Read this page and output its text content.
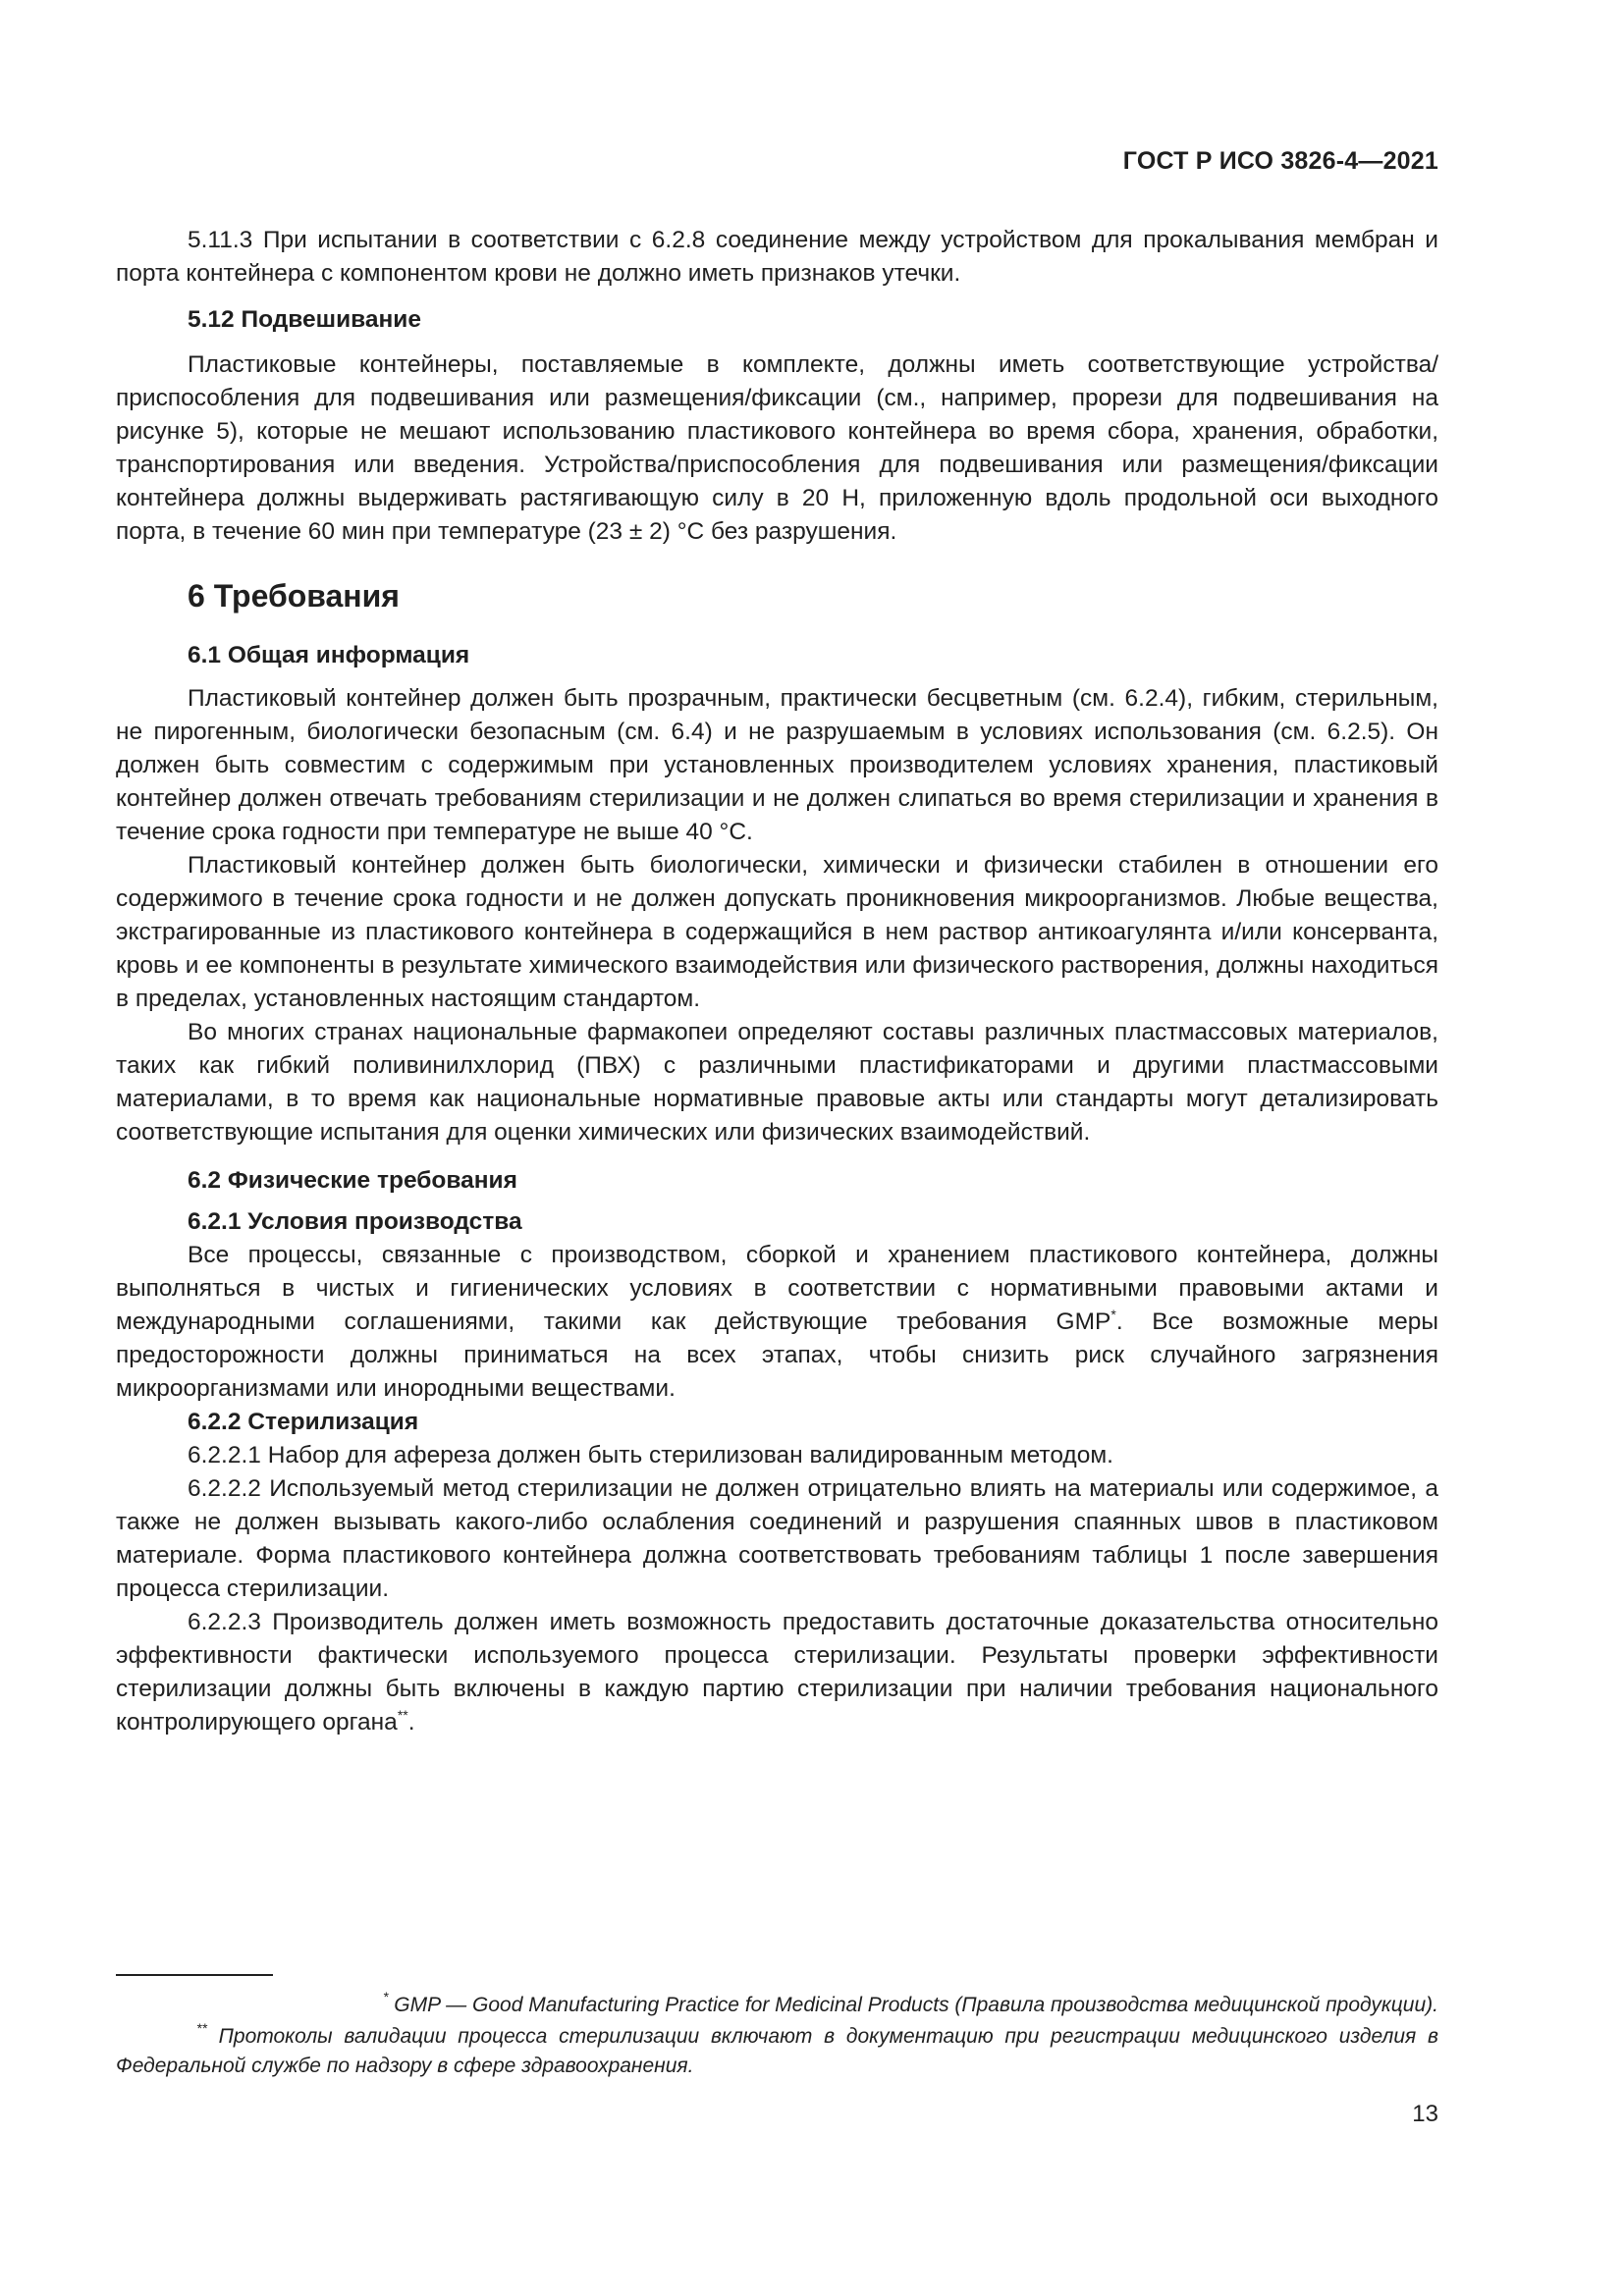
ГОСТ Р ИСО 3826-4—2021

5.11.3 При испытании в соответствии с 6.2.8 соединение между устройством для прокалывания мембран и порта контейнера с компонентом крови не должно иметь признаков утечки.

5.12 Подвешивание

Пластиковые контейнеры, поставляемые в комплекте, должны иметь соответствующие устройства/приспособления для подвешивания или размещения/фиксации (см., например, прорези для подвешивания на рисунке 5), которые не мешают использованию пластикового контейнера во время сбора, хранения, обработки, транспортирования или введения. Устройства/приспособления для подвешивания или размещения/фиксации контейнера должны выдерживать растягивающую силу в 20 Н, приложенную вдоль продольной оси выходного порта, в течение 60 мин при температуре (23 ± 2) °С без разрушения.

6 Требования
6.1 Общая информация

Пластиковый контейнер должен быть прозрачным, практически бесцветным (см. 6.2.4), гибким, стерильным, не пирогенным, биологически безопасным (см. 6.4) и не разрушаемым в условиях использования (см. 6.2.5). Он должен быть совместим с содержимым при установленных производителем условиях хранения, пластиковый контейнер должен отвечать требованиям стерилизации и не должен слипаться во время стерилизации и хранения в течение срока годности при температуре не выше 40 °С.

Пластиковый контейнер должен быть биологически, химически и физически стабилен в отношении его содержимого в течение срока годности и не должен допускать проникновения микроорганизмов. Любые вещества, экстрагированные из пластикового контейнера в содержащийся в нем раствор антикоагулянта и/или консерванта, кровь и ее компоненты в результате химического взаимодействия или физического растворения, должны находиться в пределах, установленных настоящим стандартом.

Во многих странах национальные фармакопеи определяют составы различных пластмассовых материалов, таких как гибкий поливинилхлорид (ПВХ) с различными пластификаторами и другими пластмассовыми материалами, в то время как национальные нормативные правовые акты или стандарты могут детализировать соответствующие испытания для оценки химических или физических взаимодействий.

6.2 Физические требования
6.2.1 Условия производства

Все процессы, связанные с производством, сборкой и хранением пластикового контейнера, должны выполняться в чистых и гигиенических условиях в соответствии с нормативными правовыми актами и международными соглашениями, такими как действующие требования GMP*. Все возможные меры предосторожности должны приниматься на всех этапах, чтобы снизить риск случайного загрязнения микроорганизмами или инородными веществами.

6.2.2 Стерилизация

6.2.2.1 Набор для афереза должен быть стерилизован валидированным методом.

6.2.2.2 Используемый метод стерилизации не должен отрицательно влиять на материалы или содержимое, а также не должен вызывать какого-либо ослабления соединений и разрушения спаянных швов в пластиковом материале. Форма пластикового контейнера должна соответствовать требованиям таблицы 1 после завершения процесса стерилизации.

6.2.2.3 Производитель должен иметь возможность предоставить достаточные доказательства относительно эффективности фактически используемого процесса стерилизации. Результаты проверки эффективности стерилизации должны быть включены в каждую партию стерилизации при наличии требования национального контролирующего органа**.

* GMP — Good Manufacturing Practice for Medicinal Products (Правила производства медицинской продукции).

** Протоколы валидации процесса стерилизации включают в документацию при регистрации медицинского изделия в Федеральной службе по надзору в сфере здравоохранения.

13
